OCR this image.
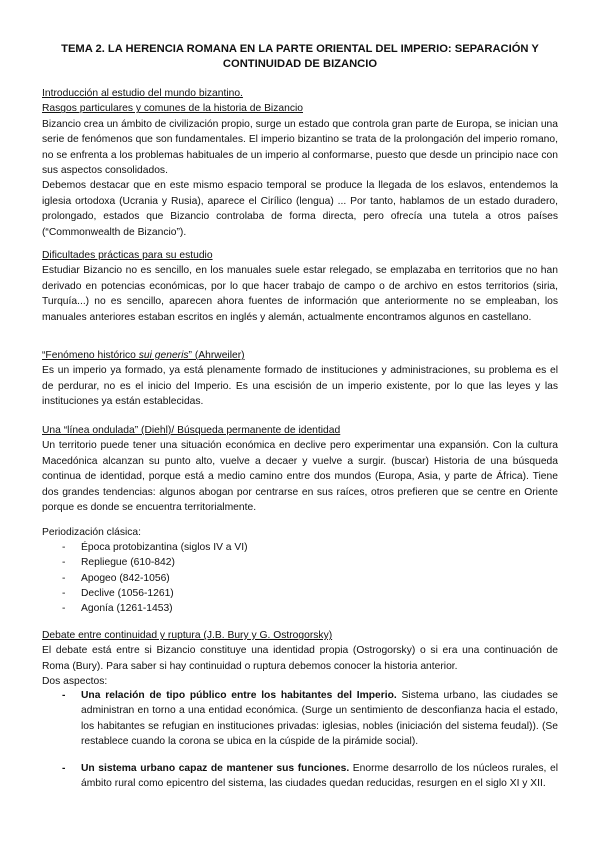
TEMA 2. LA HERENCIA ROMANA EN LA PARTE ORIENTAL DEL IMPERIO: SEPARACIÓN Y
CONTINUIDAD DE BIZANCIO
Introducción al estudio del mundo bizantino.
Rasgos particulares y comunes de la historia de Bizancio

Bizancio crea un ámbito de civilización propio, surge un estado que controla gran parte de Europa, se inician una serie de fenómenos que son fundamentales. El imperio bizantino se trata de la prolongación del imperio romano, no se enfrenta a los problemas habituales de un imperio al conformarse, puesto que desde un principio nace con sus aspectos consolidados.

Debemos destacar que en este mismo espacio temporal se produce la llegada de los eslavos, entendemos la iglesia ortodoxa (Ucrania y Rusia), aparece el Cirílico (lengua) ... Por tanto, hablamos de un estado duradero, prolongado, estados que Bizancio controlaba de forma directa, pero ofrecía una tutela a otros países (“Commonwealth de Bizancio”).

Dificultades prácticas para su estudio

Estudiar Bizancio no es sencillo, en los manuales suele estar relegado, se emplazaba en territorios que no han derivado en potencias económicas, por lo que hacer trabajo de campo o de archivo en estos territorios (siria, Turquía...) no es sencillo, aparecen ahora fuentes de información que anteriormente no se empleaban, los manuales anteriores estaban escritos en inglés y alemán, actualmente encontramos algunos en castellano.

“Fenómeno histórico sui generis” (Ahrweiler)

Es un imperio ya formado, ya está plenamente formado de instituciones y administraciones, su problema es el de perdurar, no es el inicio del Imperio. Es una escisión de un imperio existente, por lo que las leyes y las instituciones ya están establecidas.

Una “línea ondulada” (Diehl)/ Búsqueda permanente de identidad

Un territorio puede tener una situación económica en declive pero experimentar una expansión. Con la cultura Macedónica alcanzan su punto alto, vuelve a decaer y vuelve a surgir. (buscar) Historia de una búsqueda continua de identidad, porque está a medio camino entre dos mundos (Europa, Asia, y parte de África). Tiene dos grandes tendencias: algunos abogan por centrarse en sus raíces, otros prefieren que se centre en Oriente porque es donde se encuentra territorialmente.

Periodización clásica:
- Época protobizantina (siglos IV a VI)
- Repliegue (610-842)
- Apogeo (842-1056)
- Declive (1056-1261)
- Agonía (1261-1453)
Debate entre continuidad y ruptura (J.B. Bury y G. Ostrogorsky)

El debate está entre si Bizancio constituye una identidad propia (Ostrogorsky) o si era una continuación de Roma (Bury). Para saber si hay continuidad o ruptura debemos conocer la historia anterior.

Dos aspectos:

- Una relación de tipo público entre los habitantes del Imperio. Sistema urbano, las ciudades se administran en torno a una entidad económica. (Surge un sentimiento de desconfianza hacia el estado, los habitantes se refugian en instituciones privadas: iglesias, nobles (iniciación del sistema feudal)). (Se restablece cuando la corona se ubica en la cúspide de la pirámide social).

- Un sistema urbano capaz de mantener sus funciones. Enorme desarrollo de los núcleos rurales, el ámbito rural como epicentro del sistema, las ciudades quedan reducidas, resurgen en el siglo XI y XII.
